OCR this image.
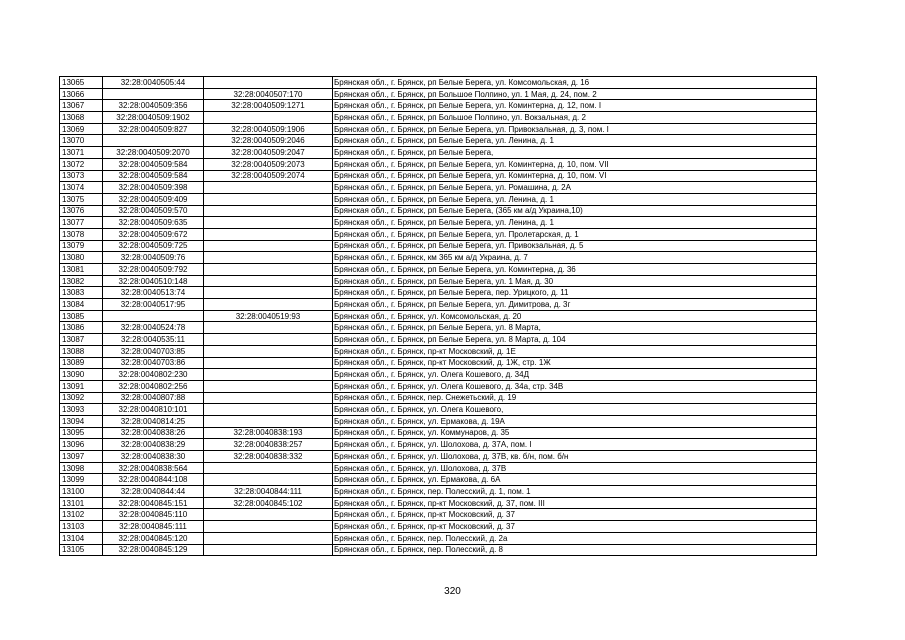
13065	32:28:0040505:44		Брянская обл., г. Брянск, рп Белые Берега, ул. Комсомольская, д. 16
13066		32:28:0040507:170	Брянская обл., г. Брянск, рп Большое Полпино, ул. 1 Мая, д. 24, пом. 2
13067	32:28:0040509:356	32:28:0040509:1271	Брянская обл., г. Брянск, рп Белые Берега, ул. Коминтерна, д. 12, пом. I
13068	32:28:0040509:1902		Брянская обл., г. Брянск, рп Большое Полпино, ул. Вокзальная, д. 2
13069	32:28:0040509:827	32:28:0040509:1906	Брянская обл., г. Брянск, рп Белые Берега, ул. Привокзальная, д. 3, пом. I
13070		32:28:0040509:2046	Брянская обл., г. Брянск, рп Белые Берега, ул. Ленина, д. 1
13071	32:28:0040509:2070	32:28:0040509:2047	Брянская обл., г. Брянск, рп Белые Берега,
13072	32:28:0040509:584	32:28:0040509:2073	Брянская обл., г. Брянск, рп Белые Берега, ул. Коминтерна, д. 10, пом. VII
13073	32:28:0040509:584	32:28:0040509:2074	Брянская обл., г. Брянск, рп Белые Берега, ул. Коминтерна, д. 10, пом. VI
13074	32:28:0040509:398		Брянская обл., г. Брянск, рп Белые Берега, ул. Ромашина, д. 2А
13075	32:28:0040509:409		Брянская обл., г. Брянск, рп Белые Берега, ул. Ленина, д. 1
13076	32:28:0040509:570		Брянская обл., г. Брянск, рп Белые Берега, (365 км а/д Украина,10)
13077	32:28:0040509:635		Брянская обл., г. Брянск, рп Белые Берега, ул. Ленина, д. 1
13078	32:28:0040509:672		Брянская обл., г. Брянск, рп Белые Берега, ул. Пролетарская, д. 1
13079	32:28:0040509:725		Брянская обл., г. Брянск, рп Белые Берега, ул. Привокзальная, д. 5
13080	32:28:0040509:76		Брянская обл., г. Брянск, км 365 км а/д Украина, д. 7
13081	32:28:0040509:792		Брянская обл., г. Брянск, рп Белые Берега, ул. Коминтерна, д. 36
13082	32:28:0040510:148		Брянская обл., г. Брянск, рп Белые Берега, ул. 1 Мая, д. 30
13083	32:28:0040513:74		Брянская обл., г. Брянск, рп Белые Берега, пер. Урицкого, д. 11
13084	32:28:0040517:95		Брянская обл., г. Брянск, рп Белые Берега, ул. Димитрова, д. 3г
13085		32:28:0040519:93	Брянская обл., г. Брянск, ул. Комсомольская, д. 20
13086	32:28:0040524:78		Брянская обл., г. Брянск, рп Белые Берега, ул. 8 Марта,
13087	32:28:0040535:11		Брянская обл., г. Брянск, рп Белые Берега, ул. 8 Марта, д. 104
13088	32:28:0040703:85		Брянская обл., г. Брянск, пр-кт Московский, д. 1Е
13089	32:28:0040703:86		Брянская обл., г. Брянск, пр-кт Московский, д. 1Ж, стр. 1Ж
13090	32:28:0040802:230		Брянская обл., г. Брянск, ул. Олега Кошевого, д. 34Д
13091	32:28:0040802:256		Брянская обл., г. Брянск, ул. Олега Кошевого, д. 34а, стр. 34В
13092	32:28:0040807:88		Брянская обл., г. Брянск, пер. Снежетьский, д. 19
13093	32:28:0040810:101		Брянская обл., г. Брянск, ул. Олега Кошевого,
13094	32:28:0040814:25		Брянская обл., г. Брянск, ул. Ермакова, д. 19А
13095	32:28:0040838:26	32:28:0040838:193	Брянская обл., г. Брянск, ул. Коммунаров, д. 35
13096	32:28:0040838:29	32:28:0040838:257	Брянская обл., г. Брянск, ул. Шолохова, д. 37А, пом. I
13097	32:28:0040838:30	32:28:0040838:332	Брянская обл., г. Брянск, ул. Шолохова, д. 37В, кв. б/н, пом. б/н
13098	32:28:0040838:564		Брянская обл., г. Брянск, ул. Шолохова, д. 37В
13099	32:28:0040844:108		Брянская обл., г. Брянск, ул. Ермакова, д. 6А
13100	32:28:0040844:44	32:28:0040844:111	Брянская обл., г. Брянск, пер. Полесский, д. 1, пом. 1
13101	32:28:0040845:151	32:28:0040845:102	Брянская обл., г. Брянск, пр-кт Московский, д. 37, пом. III
13102	32:28:0040845:110		Брянская обл., г. Брянск, пр-кт Московский, д. 37
13103	32:28:0040845:111		Брянская обл., г. Брянск, пр-кт Московский, д. 37
13104	32:28:0040845:120		Брянская обл., г. Брянск, пер. Полесский, д. 2а
13105	32:28:0040845:129		Брянская обл., г. Брянск, пер. Полесский, д. 8
320
